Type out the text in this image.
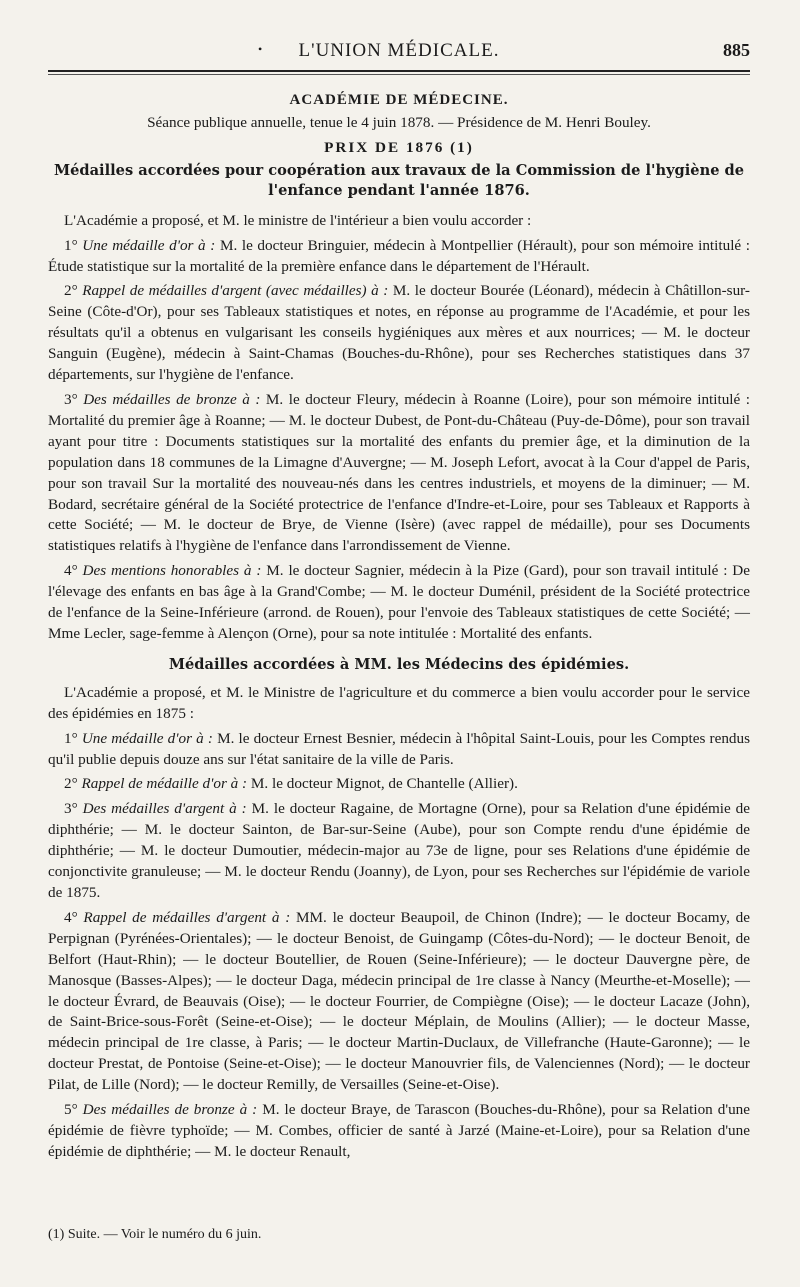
•	L'UNION MÉDICALE.	885
ACADÉMIE DE MÉDECINE.
Séance publique annuelle, tenue le 4 juin 1878. — Présidence de M. Henri Bouley.
PRIX DE 1876 (1)
Médailles accordées pour coopération aux travaux de la Commission de l'hygiène de l'enfance pendant l'année 1876.

L'Académie a proposé, et M. le ministre de l'intérieur a bien voulu accorder :

1° Une médaille d'or à : M. le docteur Bringuier, médecin à Montpellier (Hérault), pour son mémoire intitulé : Étude statistique sur la mortalité de la première enfance dans le département de l'Hérault.

2° Rappel de médailles d'argent (avec médailles) à : M. le docteur Bourée (Léonard), médecin à Châtillon-sur-Seine (Côte-d'Or), pour ses Tableaux statistiques et notes, en réponse au programme de l'Académie, et pour les résultats qu'il a obtenus en vulgarisant les conseils hygiéniques aux mères et aux nourrices; — M. le docteur Sanguin (Eugène), médecin à Saint-Chamas (Bouches-du-Rhône), pour ses Recherches statistiques dans 37 départements, sur l'hygiène de l'enfance.

3° Des médailles de bronze à : M. le docteur Fleury, médecin à Roanne (Loire), pour son mémoire intitulé : Mortalité du premier âge à Roanne; — M. le docteur Dubest, de Pont-du-Château (Puy-de-Dôme), pour son travail ayant pour titre : Documents statistiques sur la mortalité des enfants du premier âge, et la diminution de la population dans 18 communes de la Limagne d'Auvergne; — M. Joseph Lefort, avocat à la Cour d'appel de Paris, pour son travail Sur la mortalité des nouveau-nés dans les centres industriels, et moyens de la diminuer; — M. Bodard, secrétaire général de la Société protectrice de l'enfance d'Indre-et-Loire, pour ses Tableaux et Rapports à cette Société; — M. le docteur de Brye, de Vienne (Isère) (avec rappel de médaille), pour ses Documents statistiques relatifs à l'hygiène de l'enfance dans l'arrondissement de Vienne.

4° Des mentions honorables à : M. le docteur Sagnier, médecin à la Pize (Gard), pour son travail intitulé : De l'élevage des enfants en bas âge à la Grand'Combe; — M. le docteur Duménil, président de la Société protectrice de l'enfance de la Seine-Inférieure (arrond. de Rouen), pour l'envoie des Tableaux statistiques de cette Société; — Mme Lecler, sage-femme à Alençon (Orne), pour sa note intitulée : Mortalité des enfants.

Médailles accordées à MM. les Médecins des épidémies.

L'Académie a proposé, et M. le Ministre de l'agriculture et du commerce a bien voulu accorder pour le service des épidémies en 1875 :

1° Une médaille d'or à : M. le docteur Ernest Besnier, médecin à l'hôpital Saint-Louis, pour les Comptes rendus qu'il publie depuis douze ans sur l'état sanitaire de la ville de Paris.

2° Rappel de médaille d'or à : M. le docteur Mignot, de Chantelle (Allier).

3° Des médailles d'argent à : M. le docteur Ragaine, de Mortagne (Orne), pour sa Relation d'une épidémie de diphthérie; — M. le docteur Sainton, de Bar-sur-Seine (Aube), pour son Compte rendu d'une épidémie de diphthérie; — M. le docteur Dumoutier, médecin-major au 73e de ligne, pour ses Relations d'une épidémie de conjonctivite granuleuse; — M. le docteur Rendu (Joanny), de Lyon, pour ses Recherches sur l'épidémie de variole de 1875.

4° Rappel de médailles d'argent à : MM. le docteur Beaupoil, de Chinon (Indre); — le docteur Bocamy, de Perpignan (Pyrénées-Orientales); — le docteur Benoist, de Guingamp (Côtes-du-Nord); — le docteur Benoit, de Belfort (Haut-Rhin); — le docteur Boutellier, de Rouen (Seine-Inférieure); — le docteur Dauvergne père, de Manosque (Basses-Alpes); — le docteur Daga, médecin principal de 1re classe à Nancy (Meurthe-et-Moselle); — le docteur Évrard, de Beauvais (Oise); — le docteur Fourrier, de Compiègne (Oise); — le docteur Lacaze (John), de Saint-Brice-sous-Forêt (Seine-et-Oise); — le docteur Méplain, de Moulins (Allier); — le docteur Masse, médecin principal de 1re classe, à Paris; — le docteur Martin-Duclaux, de Villefranche (Haute-Garonne); — le docteur Prestat, de Pontoise (Seine-et-Oise); — le docteur Manouvrier fils, de Valenciennes (Nord); — le docteur Pilat, de Lille (Nord); — le docteur Remilly, de Versailles (Seine-et-Oise).

5° Des médailles de bronze à : M. le docteur Braye, de Tarascon (Bouches-du-Rhône), pour sa Relation d'une épidémie de fièvre typhoïde; — M. Combes, officier de santé à Jarzé (Maine-et-Loire), pour sa Relation d'une épidémie de diphthérie; — M. le docteur Renault,

(1) Suite. — Voir le numéro du 6 juin.
